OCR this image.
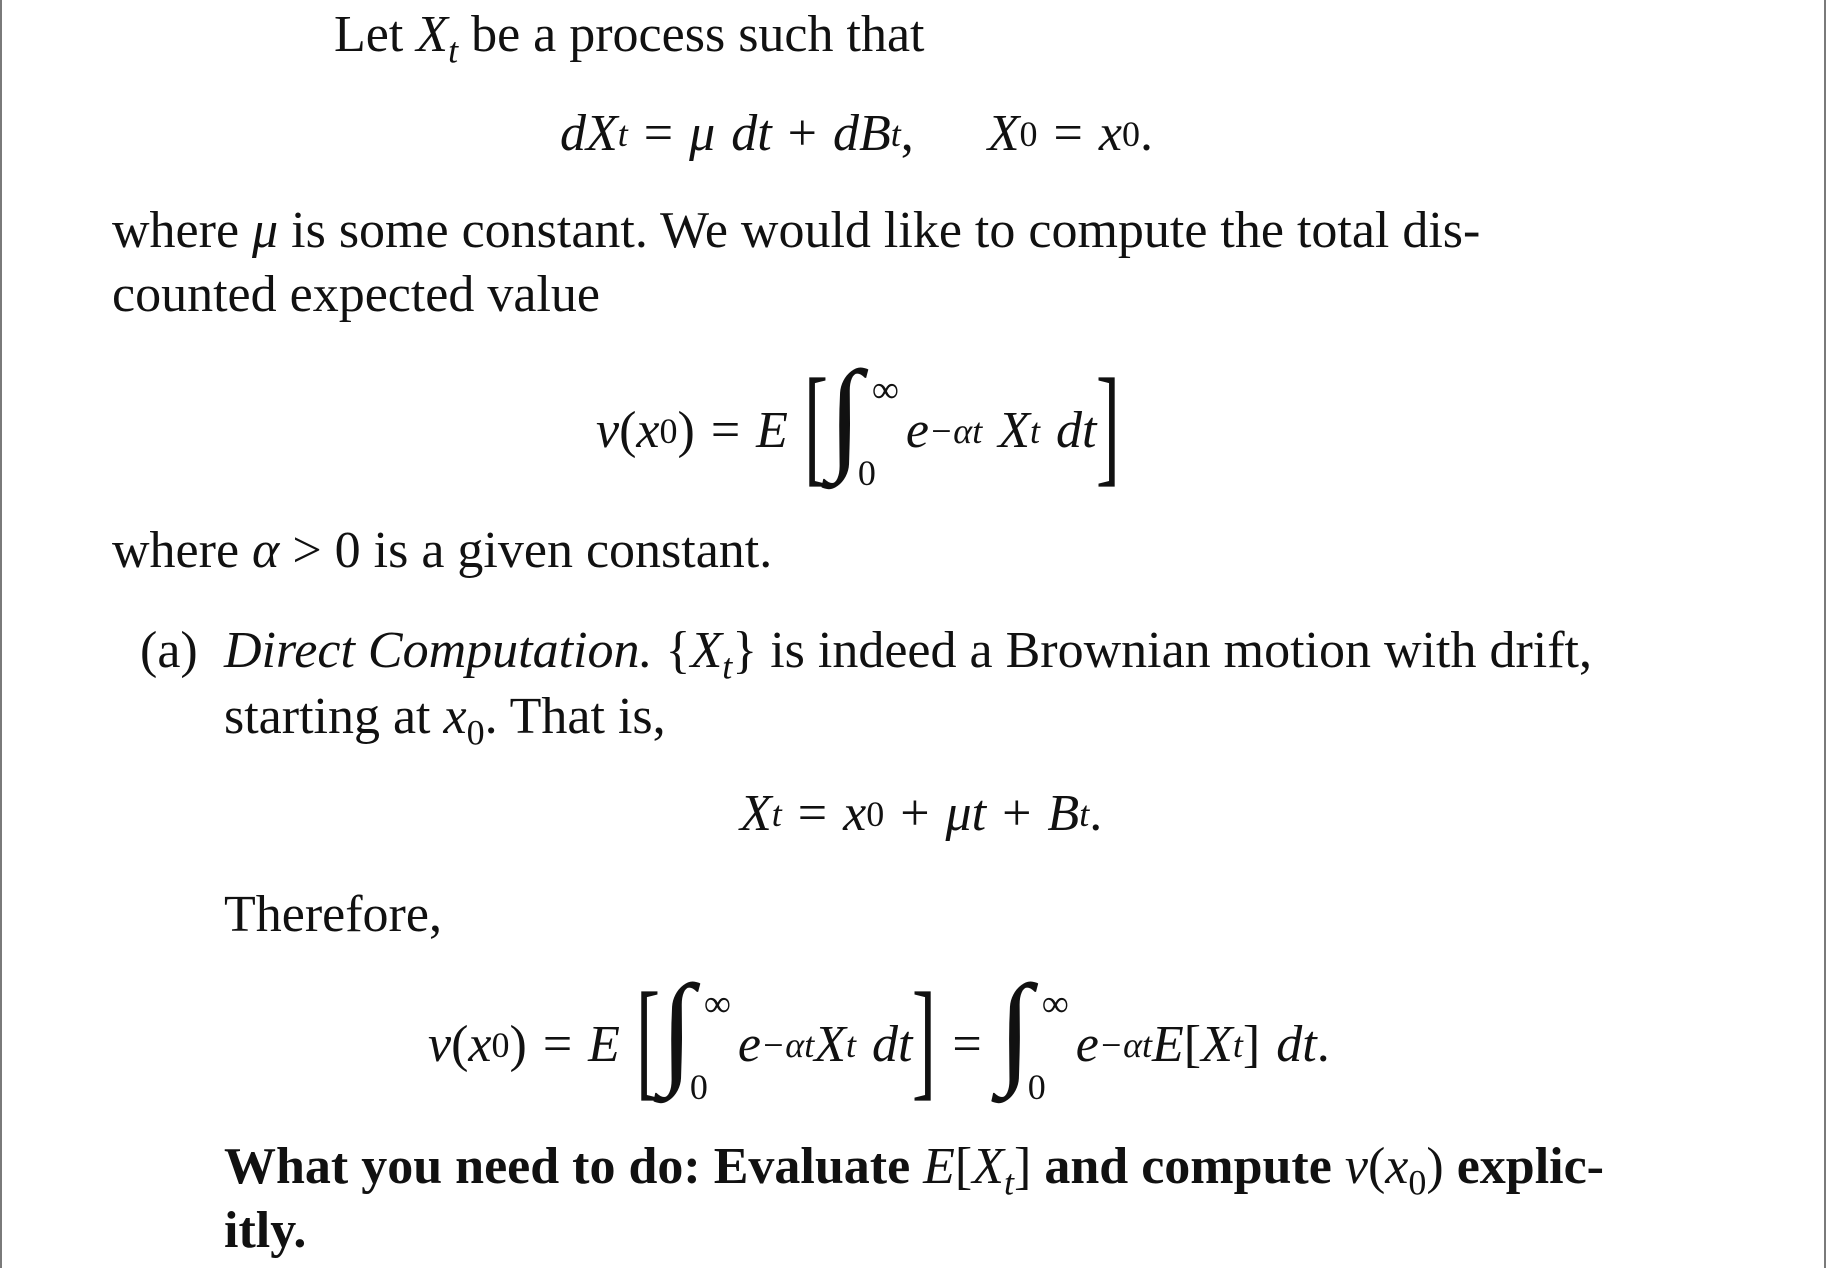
Let $X_t$ be a process such that
d X t = μ dt + dB t , X 0 = x 0 .
where μ is some constant. We would like to compute the total dis-
counted expected value
v ( x 0 ) = E [ ∫ ∞
0
e −αt X t dt ]
where α > 0 is a given constant.
(a) Direct Computation. $\{X_t\}$ is indeed a Brownian motion with drift,
starting at $x_0$. That is,
X t = x 0 + μt + B t .
Therefore,
v ( x 0 ) = E [ ∫ ∞
0
e −αt X t dt ] = ∫ ∞
0
e −αt E [ X t ] dt .
What you need to do: Evaluate $E[X_t]$ and compute $v(x_0)$ explic-
itly.
